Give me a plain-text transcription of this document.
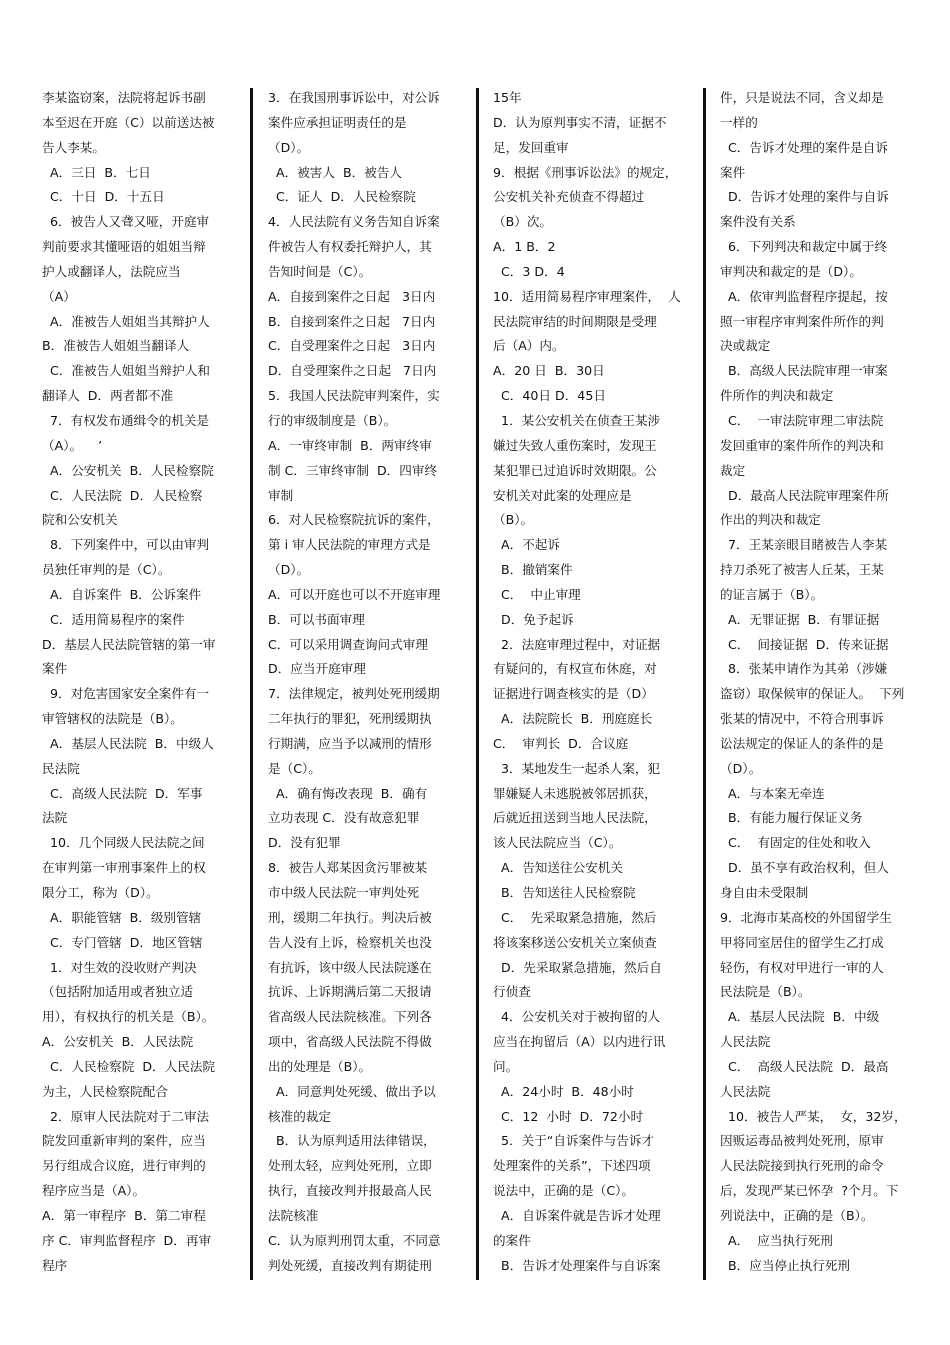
李某盗窃案，法院将起诉书副
本至迟在开庭（C）以前送达被
告人李某。
A．三日  B．七日
C．十日  D．十五日
6．被告人又聋又哑，开庭审
判前要求其懂哑语的姐姐当辩
护人或翻译人，法院应当
（A）
A．准被告人姐姐当其辩护人
B．准被告人姐姐当翻译人
C．准被告人姐姐当辩护人和
翻译人  D．两者都不准
7．有权发布通缉令的机关是
（A）。    ’
A．公安机关  B．人民检察院
C．人民法院  D．人民检察
院和公安机关
8．下列案件中，可以由审判
员独任审判的是（C）。
A．自诉案件  B．公诉案件
C．适用简易程序的案件
D．基层人民法院管辖的第一审
案件
9．对危害国家安全案件有一
审管辖权的法院是（B）。
A．基层人民法院  B．中级人
民法院
C．高级人民法院  D．军事
法院
10．几个同级人民法院之间
在审判第一审刑事案件上的权
限分工，称为（D）。
A．职能管辖  B．级别管辖
C．专门管辖  D．地区管辖
1．对生效的没收财产判决
（包括附加适用或者独立适
用），有权执行的机关是（B）。
A．公安机关  B．人民法院
C．人民检察院  D．人民法院
为主，人民检察院配合
2．原审人民法院对于二审法
院发回重新审判的案件，应当
另行组成合议庭，进行审判的
程序应当是（A）。
A．第一审程序  B．第二审程
序 C．审判监督程序  D．再审
程序
3．在我国刑事诉讼中，对公诉
案件应承担证明责任的是
（D）。
A．被害人  B．被告人
C．证人  D．人民检察院
4．人民法院有义务告知自诉案
件被告人有权委托辩护人，其
告知时间是（C）。
A．自接到案件之日起   3日内
B．自接到案件之日起   7日内
C．自受理案件之日起   3日内
D．自受理案件之日起   7日内
5．我国人民法院审判案件，实
行的审级制度是（B）。
A．一审终审制  B．两审终审
制 C．三审终审制  D．四审终
审制
6．对人民检察院抗诉的案件，
第 i 审人民法院的审理方式是
（D）。
A．可以开庭也可以不开庭审理
B．可以书面审理
C．可以采用调查询问式审理
D．应当开庭审理
7．法律规定，被判处死刑缓期
二年执行的罪犯，死刑缓期执
行期满，应当予以减刑的情形
是（C）。
A．确有悔改表现  B．确有
立功表现 C．没有故意犯罪
D．没有犯罪
8．被告人郑某因贪污罪被某
市中级人民法院一审判处死
刑，缓期二年执行。判决后被
告人没有上诉，检察机关也没
有抗诉，该中级人民法院遂在
抗诉、上诉期满后第二天报请
省高级人民法院核准。下列各
项中，省高级人民法院不得做
出的处理是（B）。
A．同意判处死缓、做出予以
核准的裁定
B．认为原判适用法律错误，
处刑太轻，应判处死刑，立即
执行，直接改判并报最高人民
法院核准
C．认为原判刑罚太重，不同意
判处死缓，直接改判有期徒刑
15年
D．认为原判事实不清，证据不
足，发回重审
9．根据《刑事诉讼法》的规定，
公安机关补充侦查不得超过
（B）次。
A．1 B．2
C．3 D．4
10．适用简易程序审理案件，  人
民法院审结的时间期限是受理
后（A）内。
A．20 日  B．30日
C．40日 D．45日
1．某公安机关在侦查王某涉
嫌过失致人重伤案时，发现王
某犯罪已过追诉时效期限。公
安机关对此案的处理应是
（B）。
A．不起诉
B．撤销案件
C．  中止审理
D．免予起诉
2．法庭审理过程中，对证据
有疑问的，有权宣布休庭，对
证据进行调查核实的是（D）
A．法院院长  B．刑庭庭长
C．  审判长  D．合议庭
3．某地发生一起杀人案，犯
罪嫌疑人未逃脱被邻居抓获，
后就近扭送到当地人民法院，
该人民法院应当（C）。
A．告知送往公安机关
B．告知送往人民检察院
C．  先采取紧急措施，然后
将该案移送公安机关立案侦查
D．先采取紧急措施，然后自
行侦查
4．公安机关对于被拘留的人
应当在拘留后（A）以内进行讯
问。
A．24小时  B．48小时
C．12  小时  D．72小时
5．关于“自诉案件与告诉才
处理案件的关系”，下述四项
说法中，正确的是（C）。
A．自诉案件就是告诉才处理
的案件
B．告诉才处理案件与自诉案
件，只是说法不同，含义却是
一样的
C．告诉才处理的案件是自诉
案件
D．告诉才处理的案件与自诉
案件没有关系
6．下列判决和裁定中属于终
审判决和裁定的是（D）。
A．依审判监督程序提起，按
照一审程序审判案件所作的判
决或裁定
B．高级人民法院审理一审案
件所作的判决和裁定
C．  一审法院审理二审法院
发回重审的案件所作的判决和
裁定
D．最高人民法院审理案件所
作出的判决和裁定
7．王某亲眼目睹被告人李某
持刀杀死了被害人丘某，王某
的证言属于（B）。
A．无罪证据  B．有罪证据
C．  间接证据  D．传来证据
8．张某申请作为其弟（涉嫌
盗窃）取保候审的保证人。  下列
张某的情况中，不符合刑事诉
讼法规定的保证人的条件的是
（D）。
A．与本案无牵连
B．有能力履行保证义务
C．  有固定的住处和收入
D．虽不享有政治权利，但人
身自由未受限制
9．北海市某高校的外国留学生
甲将同室居住的留学生乙打成
轻伤，有权对甲进行一审的人
民法院是（B）。
A．基层人民法院  B．中级
人民法院
C．  高级人民法院  D．最高
人民法院
10．被告人严某，  女，32岁，
因贩运毒品被判处死刑，原审
人民法院接到执行死刑的命令
后，发现严某已怀孕  ?个月。下
列说法中，正确的是（B）。
A．  应当执行死刑
B．应当停止执行死刑
